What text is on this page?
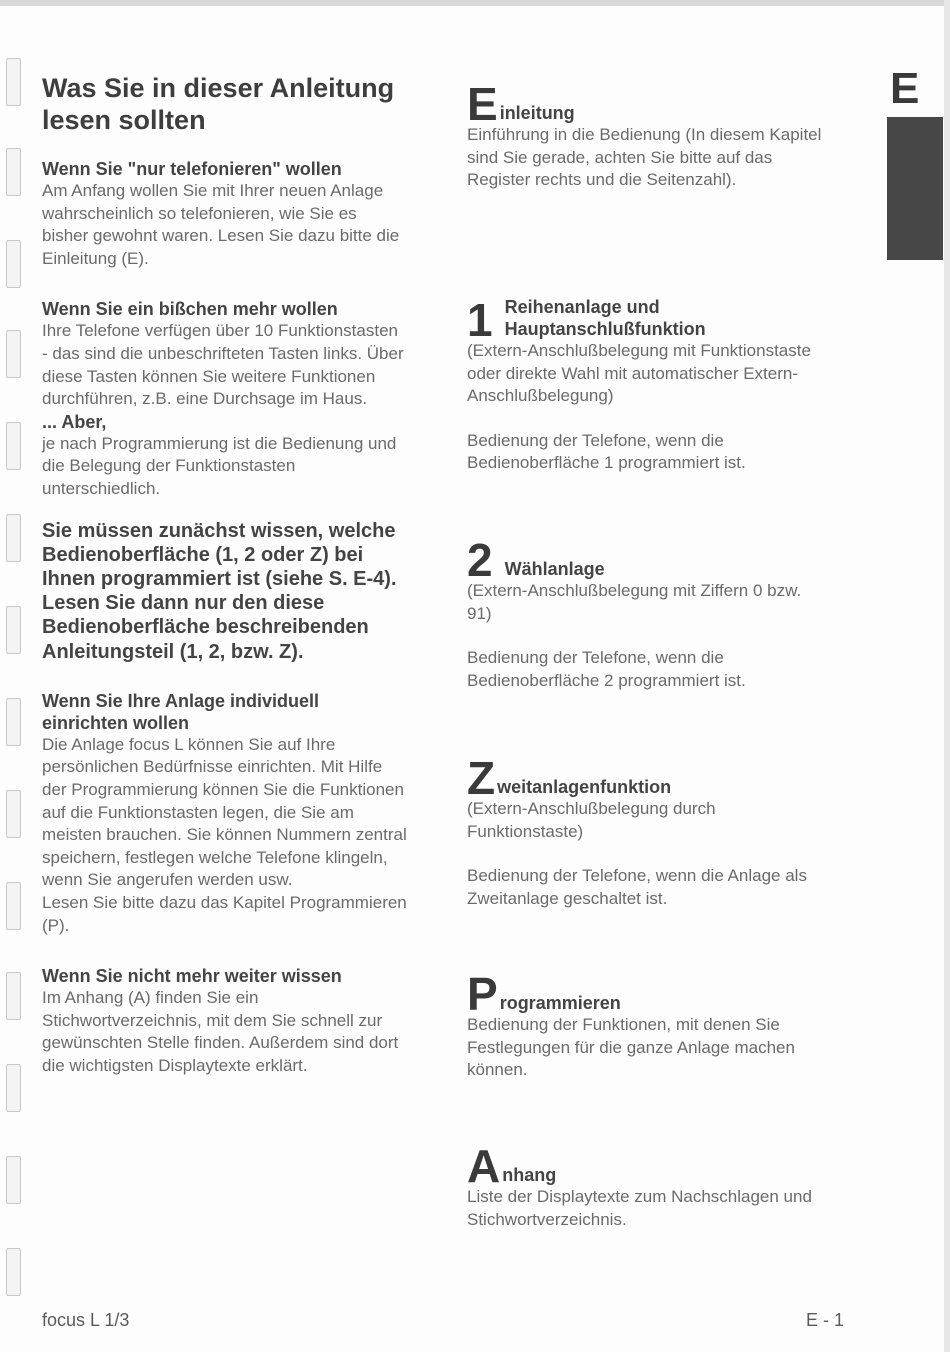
E
Was Sie in dieser Anleitung lesen sollten
Wenn Sie "nur telefonieren" wollen
Am Anfang wollen Sie mit Ihrer neuen Anlage wahrscheinlich so telefonieren, wie Sie es bisher gewohnt waren. Lesen Sie dazu bitte die Einleitung (E).
Wenn Sie ein bißchen mehr wollen
Ihre Telefone verfügen über 10 Funktionstasten - das sind die unbeschrifteten Tasten links. Über diese Tasten können Sie weitere Funktionen durchführen, z.B. eine Durchsage im Haus.
... Aber,
je nach Programmierung ist die Bedienung und die Belegung der Funktionstasten unterschiedlich.
Sie müssen zunächst wissen, welche Bedienoberfläche (1, 2 oder Z) bei Ihnen programmiert ist (siehe S. E-4). Lesen Sie dann nur den diese Bedienoberfläche beschreibenden Anleitungsteil (1, 2, bzw. Z).
Wenn Sie Ihre Anlage individuell einrichten wollen
Die Anlage focus L können Sie auf Ihre persönlichen Bedürfnisse einrichten. Mit Hilfe der Programmierung können Sie die Funktionen auf die Funktionstasten legen, die Sie am meisten brauchen. Sie können Nummern zentral speichern, festlegen welche Telefone klingeln, wenn Sie angerufen werden usw.
Lesen Sie bitte dazu das Kapitel Programmieren (P).
Wenn Sie nicht mehr weiter wissen
Im Anhang (A) finden Sie ein Stichwortverzeichnis, mit dem Sie schnell zur gewünschten Stelle finden. Außerdem sind dort die wichtigsten Displaytexte erklärt.
E inleitung
Einführung in die Bedienung (In diesem Kapitel sind Sie gerade, achten Sie bitte auf das Register rechts und die Seitenzahl).
1 Reihenanlage und Hauptanschlußfunktion
(Extern-Anschlußbelegung mit Funktionstaste oder direkte Wahl mit automatischer Extern-Anschlußbelegung)
Bedienung der Telefone, wenn die Bedienoberfläche 1 programmiert ist.
2 Wählanlage
(Extern-Anschlußbelegung mit Ziffern 0 bzw. 91)
Bedienung der Telefone, wenn die Bedienoberfläche 2 programmiert ist.
Z weitanlagenfunktion
(Extern-Anschlußbelegung durch Funktionstaste)
Bedienung der Telefone, wenn die Anlage als Zweitanlage geschaltet ist.
P rogrammieren
Bedienung der Funktionen, mit denen Sie Festlegungen für die ganze Anlage machen können.
A nhang
Liste der Displaytexte zum Nachschlagen und Stichwortverzeichnis.
focus L 1/3	E - 1
